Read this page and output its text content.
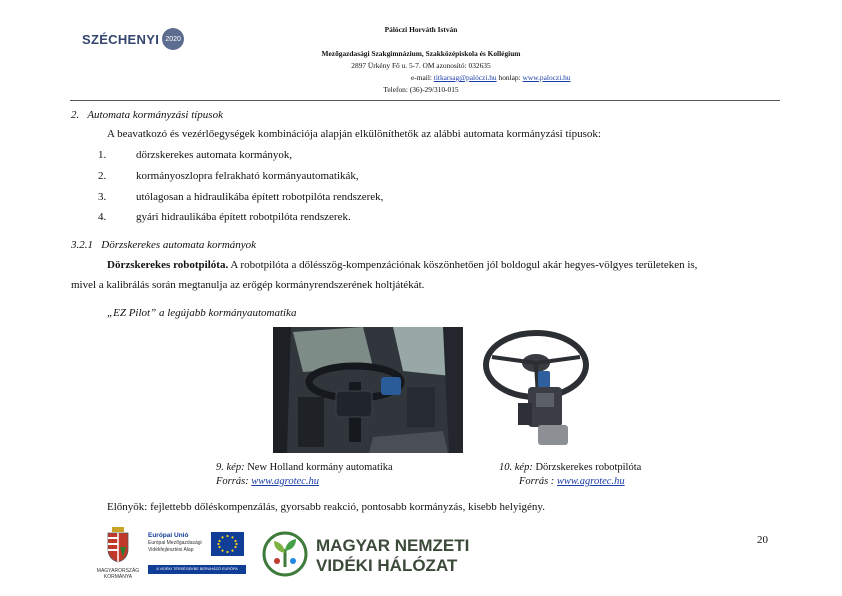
SZÉCHENYI 2020
Pálóczi Horváth István
Mezőgazdasági Szakgimnázium, Szakközépiskola és Kollégium
2897 Ürkény Fő u. 5-7. OM azonosító: 032635
e-mail: titkarsag@palóczi.hu honlap: www.paloczi.hu
Telefon: (36)-29/310-015
2. Automata kormányzási típusok
A beavatkozó és vezérlőegységek kombinációja alapján elkülöníthetők az alábbi automata kormányzási típusok:
1.	dörzskerekes automata kormányok,
2.	kormányoszlopra felrakható kormányautomatikák,
3.	utólagosan a hidraulikába épített robotpilóta rendszerek,
4.	gyári hidraulikába épített robotpilóta rendszerek.
3.2.1 Dörzskerekes automata kormányok
Dörzskerekes robotpilóta. A robotpilóta a dőlésszög-kompenzációnak köszönhetően jól boldogul akár hegyes-völgyes területeken is,
mivel a kalibrálás során megtanulja az erőgép kormányrendszerének holtjátékát.
„EZ Pilot” a legújabb kormányautomatika
9. kép: New Holland kormány automatika
Forrás: www.agrotec.hu
10. kép: Dörzskerekes robotpilóta
Forrás : www.agrotec.hu
Előnyök: fejlettebb dőléskompenzálás, gyorsabb reakció, pontosabb kormányzás, kisebb helyigény.
MAGYARORSZÁG KORMÁNYA
Európai Unió
Európai Mezőgazdasági
Vidékfejlesztési Alap
A VIDÉKI TÉRSÉGEKBE BERUHÁZÓ EURÓPA
MAGYAR NEMZETI
VIDÉKI HÁLÓZAT
20
